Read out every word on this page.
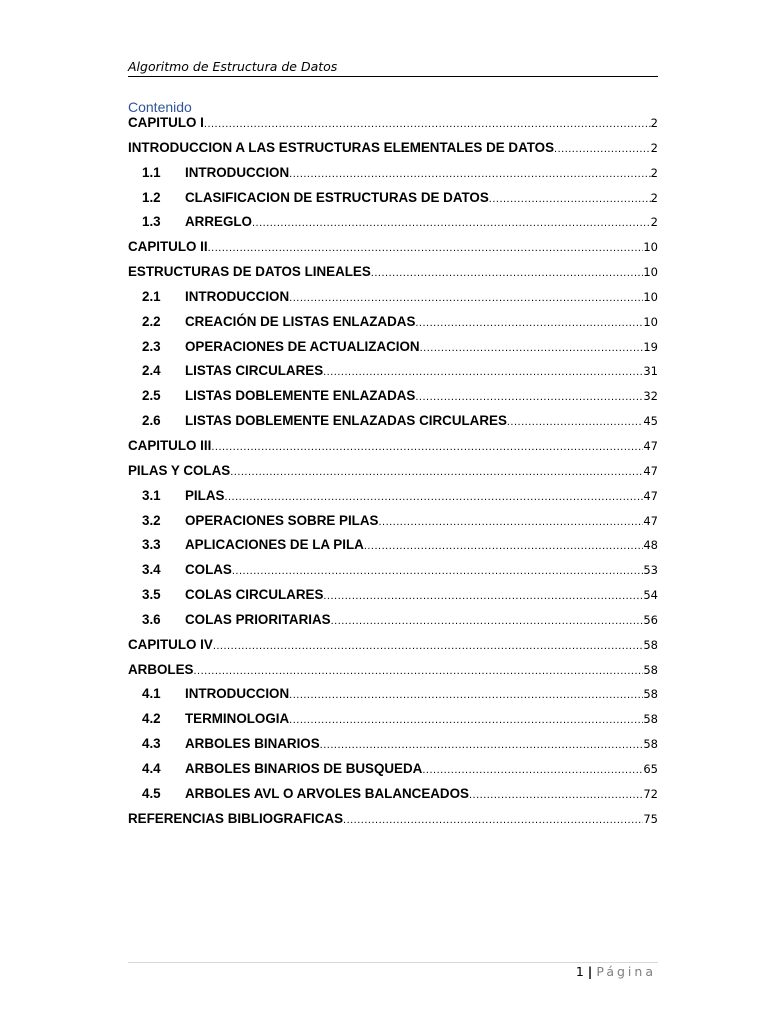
Algoritmo de Estructura de Datos
Contenido
CAPITULO I .....	2
INTRODUCCION A LAS ESTRUCTURAS ELEMENTALES DE DATOS .....	2
1.1	INTRODUCCION .....	2
1.2	CLASIFICACION DE ESTRUCTURAS DE DATOS .....	2
1.3	ARREGLO .....	2
CAPITULO II .....	10
ESTRUCTURAS DE DATOS LINEALES .....	10
2.1	INTRODUCCION .....	10
2.2	CREACIÓN DE LISTAS ENLAZADAS .....	10
2.3	OPERACIONES DE ACTUALIZACION .....	19
2.4	LISTAS CIRCULARES .....	31
2.5	LISTAS DOBLEMENTE ENLAZADAS .....	32
2.6	LISTAS DOBLEMENTE ENLAZADAS CIRCULARES .....	45
CAPITULO III .....	47
PILAS Y COLAS .....	47
3.1	PILAS .....	47
3.2	OPERACIONES SOBRE PILAS .....	47
3.3	APLICACIONES DE LA PILA .....	48
3.4	COLAS .....	53
3.5	COLAS CIRCULARES .....	54
3.6	COLAS PRIORITARIAS .....	56
CAPITULO IV .....	58
ARBOLES .....	58
4.1	INTRODUCCION .....	58
4.2	TERMINOLOGIA .....	58
4.3	ARBOLES BINARIOS .....	58
4.4	ARBOLES BINARIOS DE BUSQUEDA .....	65
4.5	ARBOLES AVL O ARVOLES BALANCEADOS .....	72
REFERENCIAS BIBLIOGRAFICAS .....	75
1 | Página
